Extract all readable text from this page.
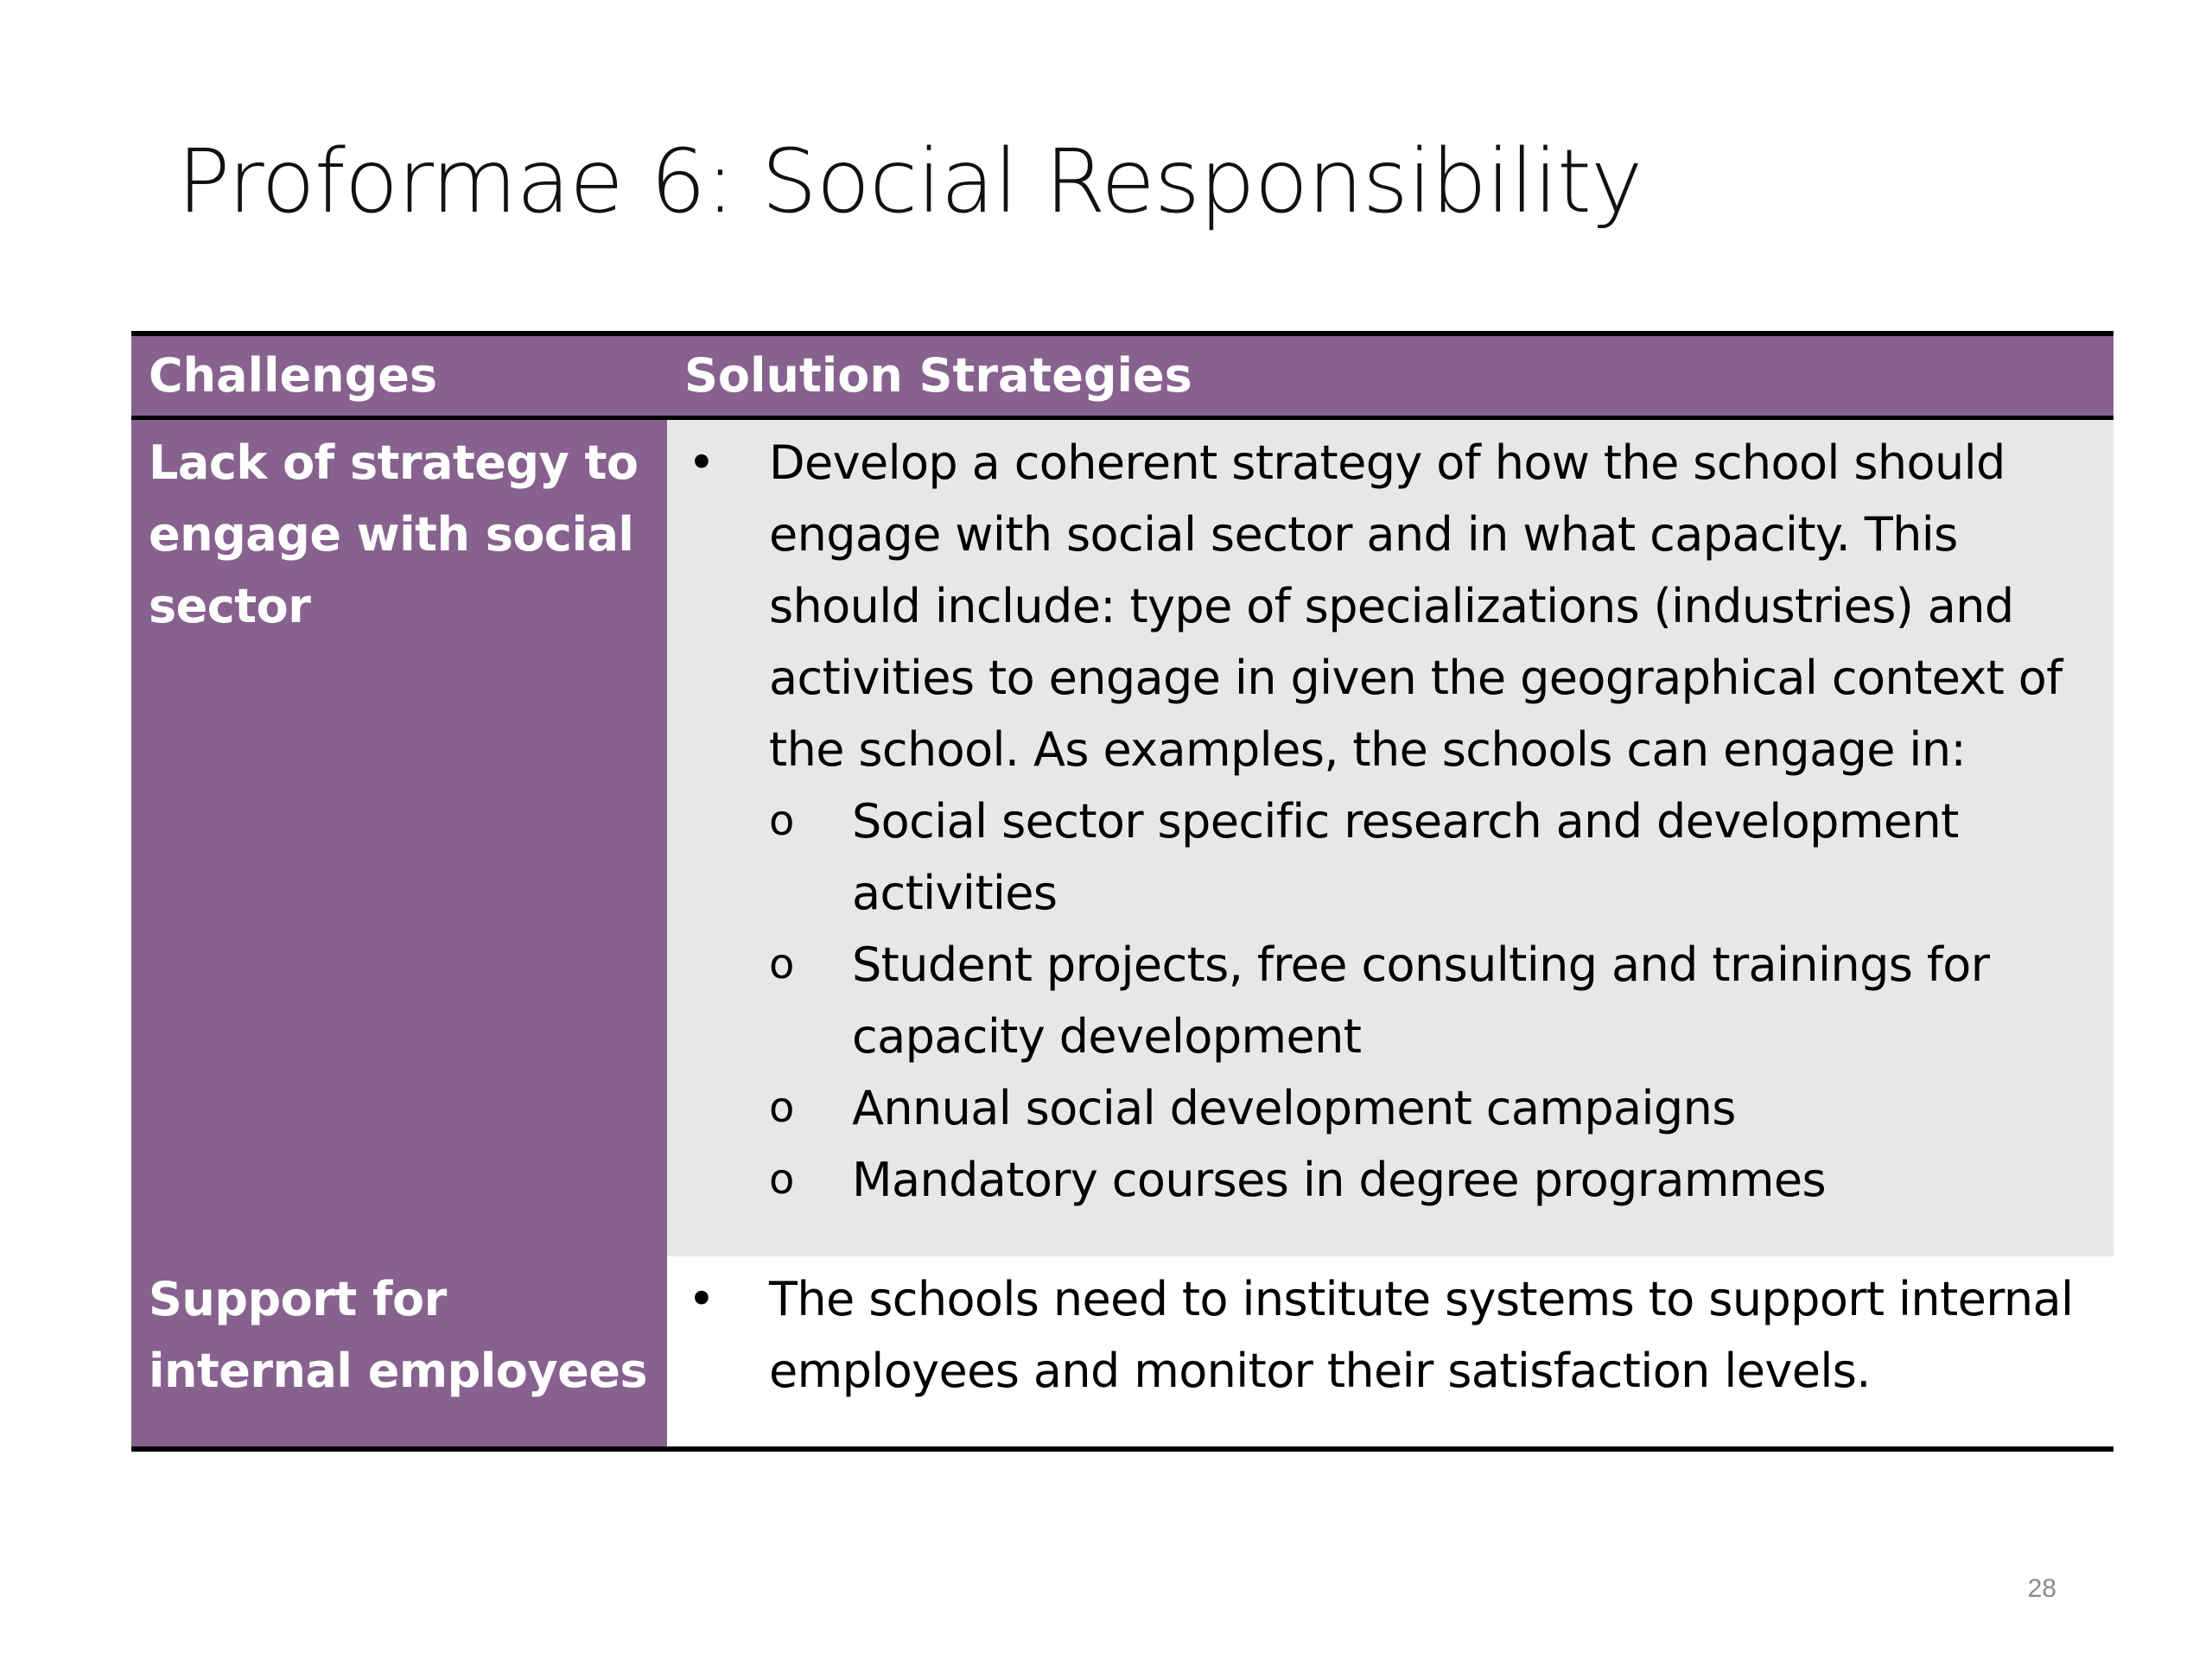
Proformae 6: Social Responsibility
Challenges	Solution Strategies
Lack of strategy to engage with social sector
• Develop a coherent strategy of how the school should engage with social sector and in what capacity. This should include: type of specializations (industries) and activities to engage in given the geographical context of the school. As examples, the schools can engage in:
o Social sector specific research and development activities
o Student projects, free consulting and trainings for capacity development
o Annual social development campaigns
o Mandatory courses in degree programmes
Support for internal employees
• The schools need to institute systems to support internal employees and monitor their satisfaction levels.
28
